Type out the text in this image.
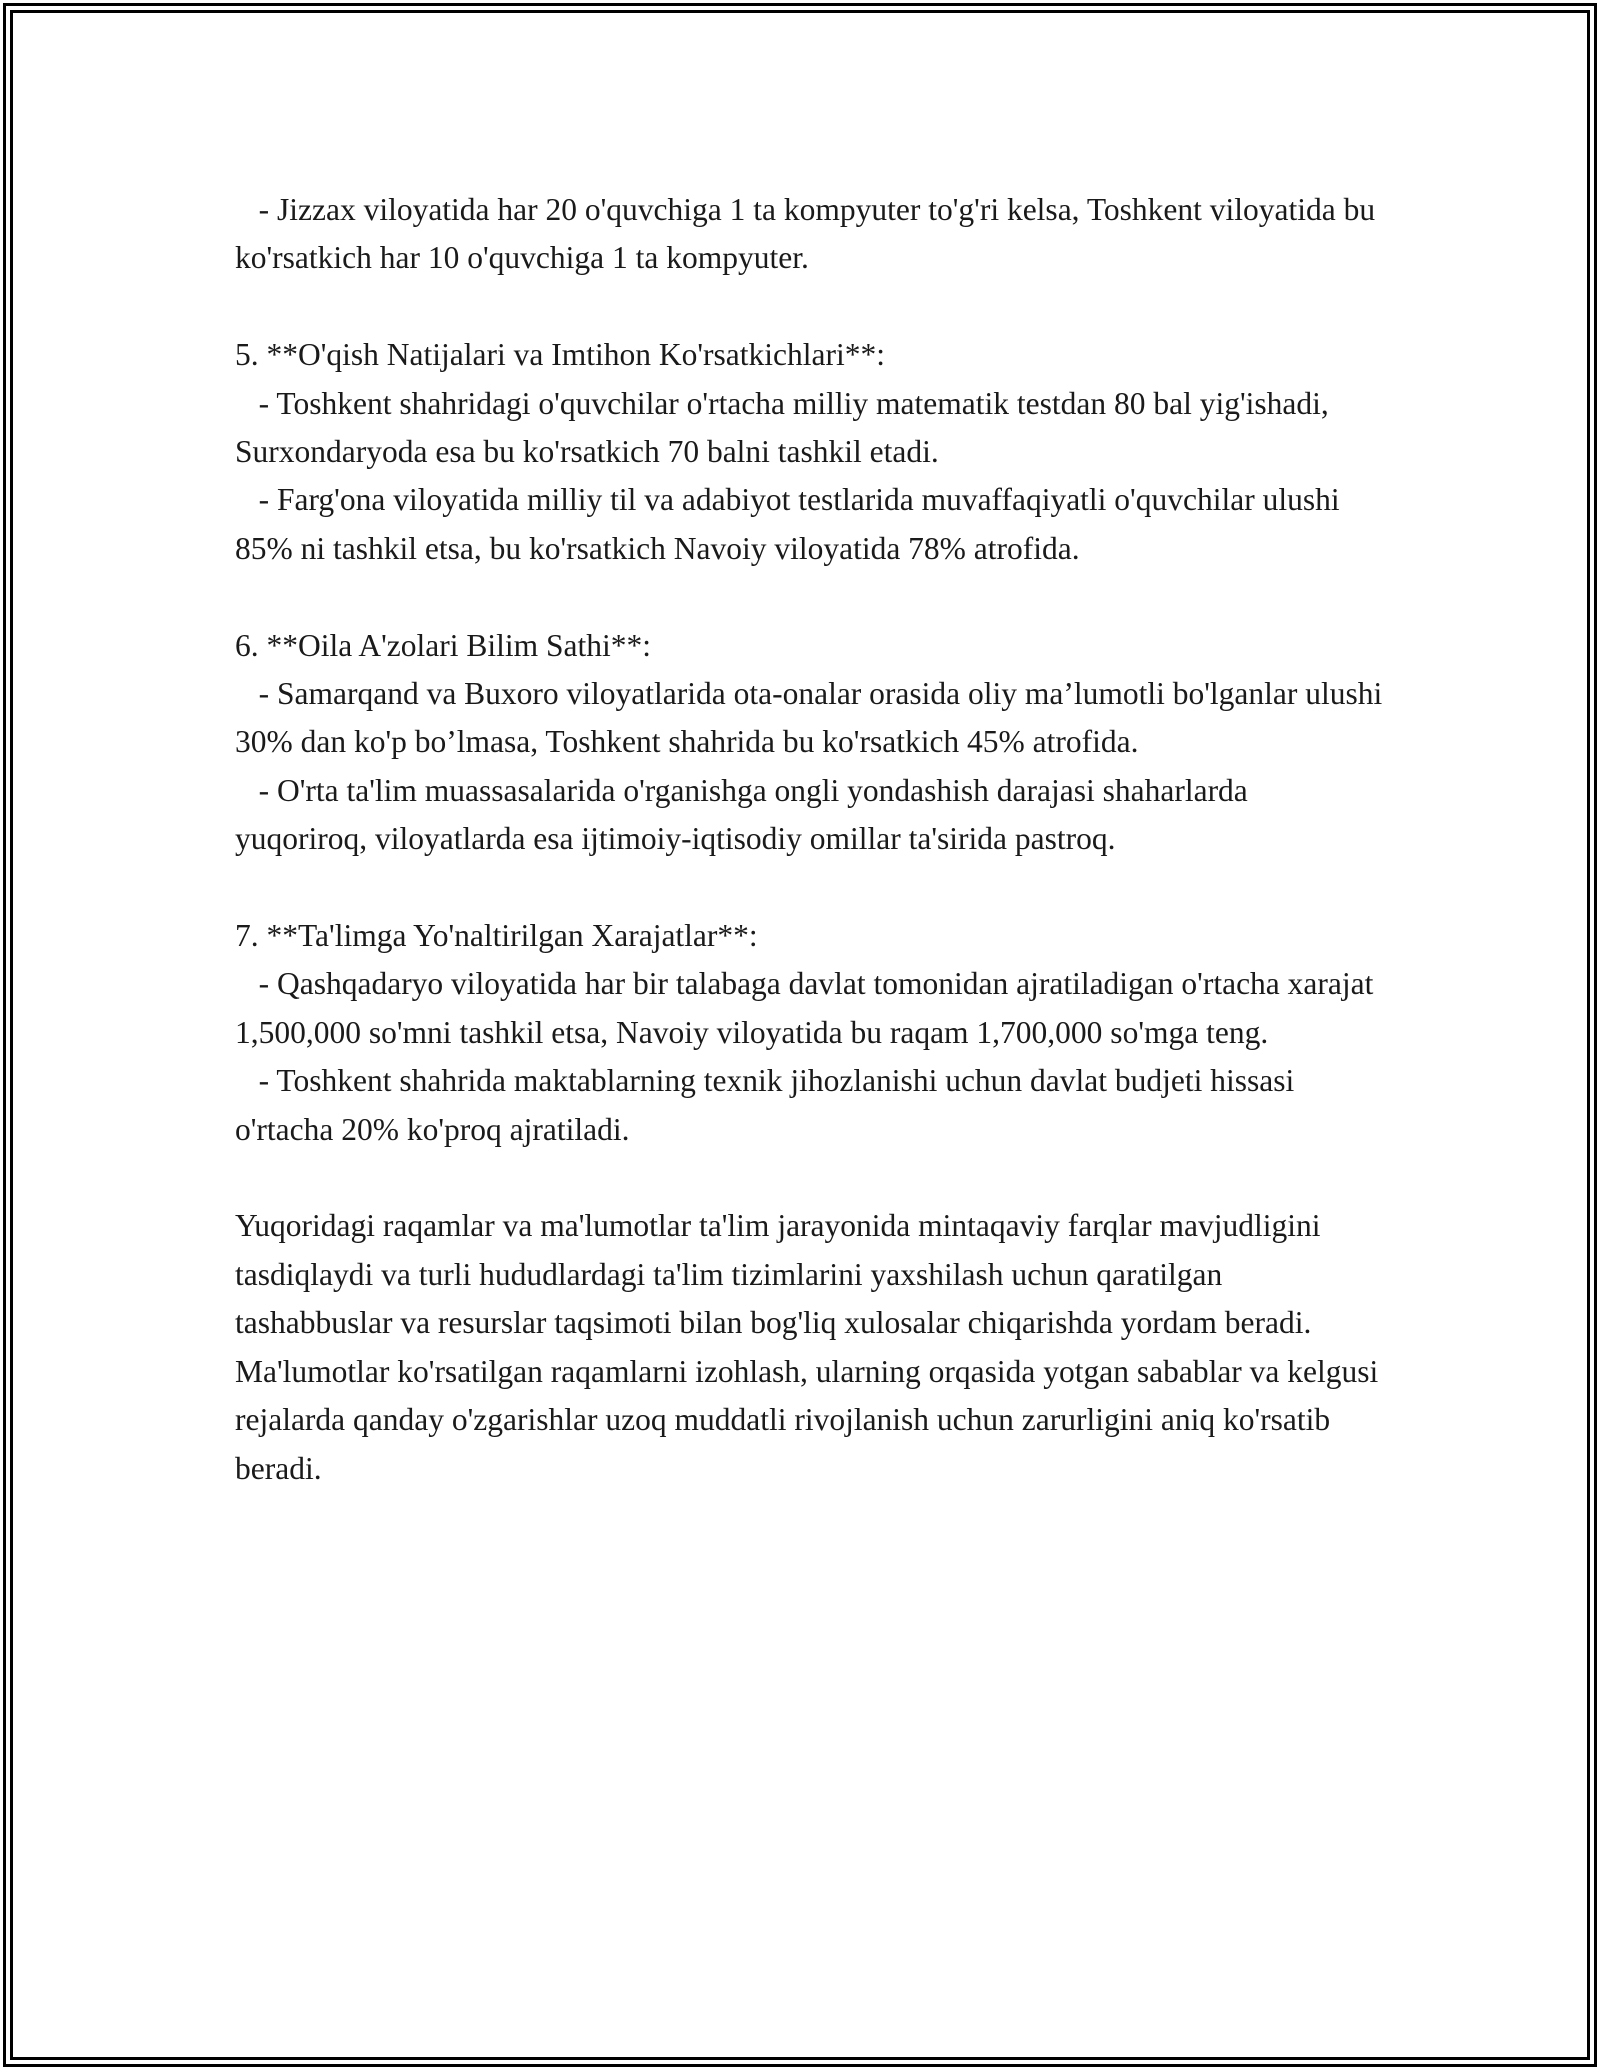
- Jizzax viloyatida har 20 o'quvchiga 1 ta kompyuter to'g'ri kelsa, Toshkent viloyatida bu ko'rsatkich har 10 o'quvchiga 1 ta kompyuter.

5. **O'qish Natijalari va Imtihon Ko'rsatkichlari**:

- Toshkent shahridagi o'quvchilar o'rtacha milliy matematik testdan 80 bal yig'ishadi, Surxondaryoda esa bu ko'rsatkich 70 balni tashkil etadi.

- Farg'ona viloyatida milliy til va adabiyot testlarida muvaffaqiyatli o'quvchilar ulushi 85% ni tashkil etsa, bu ko'rsatkich Navoiy viloyatida 78% atrofida.

6. **Oila A'zolari Bilim Sathi**:

- Samarqand va Buxoro viloyatlarida ota-onalar orasida oliy ma’lumotli bo'lganlar ulushi 30% dan ko'p bo’lmasa, Toshkent shahrida bu ko'rsatkich 45% atrofida.

- O'rta ta'lim muassasalarida o'rganishga ongli yondashish darajasi shaharlarda yuqoriroq, viloyatlarda esa ijtimoiy-iqtisodiy omillar ta'sirida pastroq.

7. **Ta'limga Yo'naltirilgan Xarajatlar**:

- Qashqadaryo viloyatida har bir talabaga davlat tomonidan ajratiladigan o'rtacha xarajat 1,500,000 so'mni tashkil etsa, Navoiy viloyatida bu raqam 1,700,000 so'mga teng.

- Toshkent shahrida maktablarning texnik jihozlanishi uchun davlat budjeti hissasi o'rtacha 20% ko'proq ajratiladi.

Yuqoridagi raqamlar va ma'lumotlar ta'lim jarayonida mintaqaviy farqlar mavjudligini tasdiqlaydi va turli hududlardagi ta'lim tizimlarini yaxshilash uchun qaratilgan tashabbuslar va resurslar taqsimoti bilan bog'liq xulosalar chiqarishda yordam beradi. Ma'lumotlar ko'rsatilgan raqamlarni izohlash, ularning orqasida yotgan sabablar va kelgusi rejalarda qanday o'zgarishlar uzoq muddatli rivojlanish uchun zarurligini aniq ko'rsatib beradi.
